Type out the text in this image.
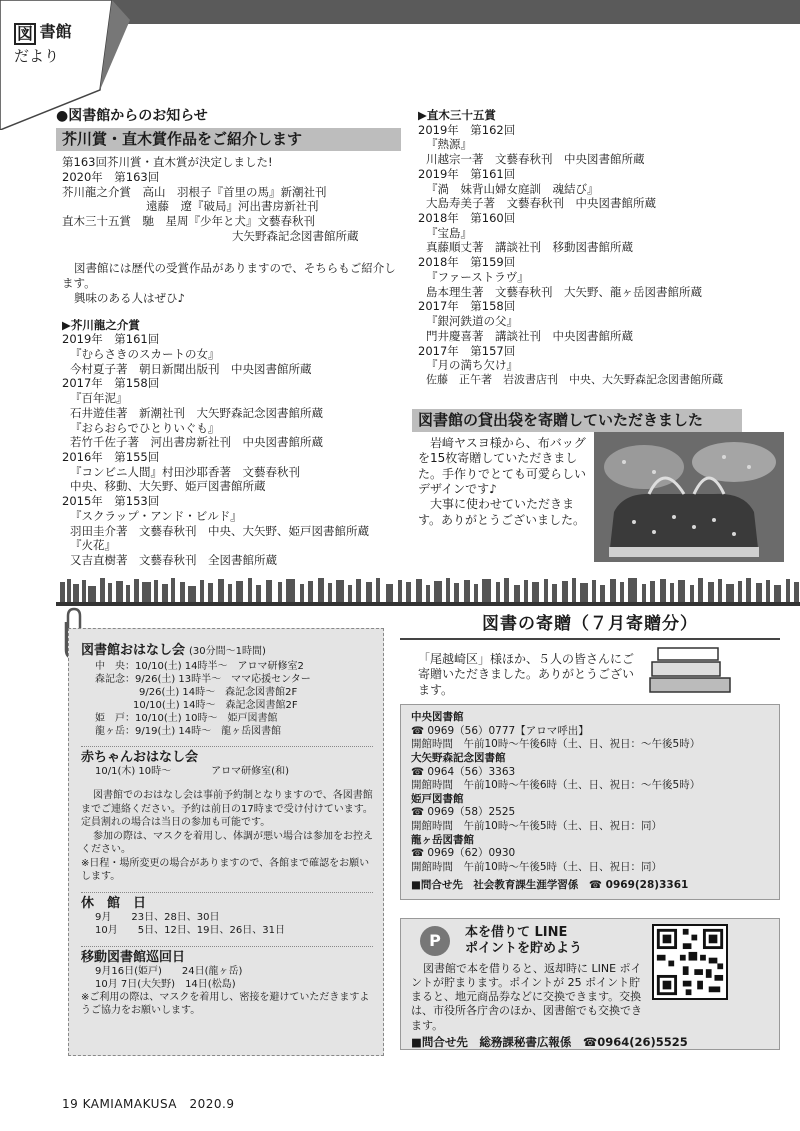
図 書館
だより
●図書館からのお知らせ
芥川賞・直木賞作品をご紹介します
第163回芥川賞・直木賞が決定しました!
2020年　第163回
芥川龍之介賞　高山　羽根子『首里の馬』新潮社刊
遠藤　遼『破局』河出書房新社刊
直木三十五賞　馳　星周『少年と犬』文藝春秋刊
大矢野森記念図書館所蔵
図書館には歴代の受賞作品がありますので、そちらもご紹介します。
興味のある人はぜひ♪
▶芥川龍之介賞
2019年　第161回
『むらさきのスカートの女』
今村夏子著　朝日新聞出版刊　中央図書館所蔵
2017年　第158回
『百年泥』
石井遊佳著　新潮社刊　大矢野森記念図書館所蔵
『おらおらでひとりいぐも』
若竹千佐子著　河出書房新社刊　中央図書館所蔵
2016年　第155回
『コンビニ人間』村田沙耶香著　文藝春秋刊
中央、移動、大矢野、姫戸図書館所蔵
2015年　第153回
『スクラップ・アンド・ビルド』
羽田圭介著　文藝春秋刊　中央、大矢野、姫戸図書館所蔵
『火花』
又吉直樹著　文藝春秋刊　全図書館所蔵
▶直木三十五賞
2019年　第162回
『熱源』
川越宗一著　文藝春秋刊　中央図書館所蔵
2019年　第161回
『渦　妹背山婦女庭訓　魂結び』
大島寿美子著　文藝春秋刊　中央図書館所蔵
2018年　第160回
『宝島』
真藤順丈著　講談社刊　移動図書館所蔵
2018年　第159回
『ファーストラヴ』
島本理生著　文藝春秋刊　大矢野、龍ヶ岳図書館所蔵
2017年　第158回
『銀河鉄道の父』
門井慶喜著　講談社刊　中央図書館所蔵
2017年　第157回
『月の満ち欠け』
佐藤　正午著　岩波書店刊　中央、大矢野森記念図書館所蔵
図書館の貸出袋を寄贈していただきました
岩﨑ヤスヨ様から、布バッグを15枚寄贈していただきました。手作りでとても可愛らしいデザインです♪
大事に使わせていただきます。ありがとうございました。
図書館おはなし会 (30分間～1時間)
中　央：10/10(土) 14時半～　アロマ研修室2
森記念：9/26(土) 13時半～　ママ応援センター
9/26(土) 14時～　森記念図書館2F
10/10(土) 14時～　森記念図書館2F
姫　戸：10/10(土) 10時～　姫戸図書館
龍ヶ岳：9/19(土) 14時～　龍ヶ岳図書館
赤ちゃんおはなし会
10/1(木) 10時～　　　　アロマ研修室(和)
図書館でのおはなし会は事前予約制となりますので、各図書館までご連絡ください。予約は前日の17時まで受け付けています。定員割れの場合は当日の参加も可能です。
参加の際は、マスクを着用し、体調が悪い場合は参加をお控えください。
※日程・場所変更の場合がありますので、各館まで確認をお願いします。
休　館　日
9月　　23日、28日、30日
10月　　5日、12日、19日、26日、31日
移動図書館巡回日
9月16日(姫戸)　　24日(龍ヶ岳)
10月 7日(大矢野)　14日(松島)
※ご利用の際は、マスクを着用し、密接を避けていただきますようご協力をお願いします。
図書の寄贈（７月寄贈分）
「尾越崎区」様ほか、５人の皆さんにご寄贈いただきました。ありがとうございます。
中央図書館
☎ 0969（56）0777【アロマ呼出】
開館時間　午前10時～午後6時（土、日、祝日：～午後5時）
大矢野森記念図書館
☎ 0964（56）3363
開館時間　午前10時～午後6時（土、日、祝日：～午後5時）
姫戸図書館
☎ 0969（58）2525
開館時間　午前10時～午後5時（土、日、祝日：同）
龍ヶ岳図書館
☎ 0969（62）0930
開館時間　午前10時～午後5時（土、日、祝日：同）
■問合せ先　社会教育課生涯学習係　☎ 0969(28)3361
本を借りて LINE
ポイントを貯めよう
図書館で本を借りると、返却時に LINE ポイントが貯まります。ポイントが 25 ポイント貯まると、地元商品券などに交換できます。交換は、市役所各庁舎のほか、図書館でも交換できます。
■問合せ先　総務課秘書広報係　☎0964(26)5525
P
19 KAMIAMAKUSA　2020.9
